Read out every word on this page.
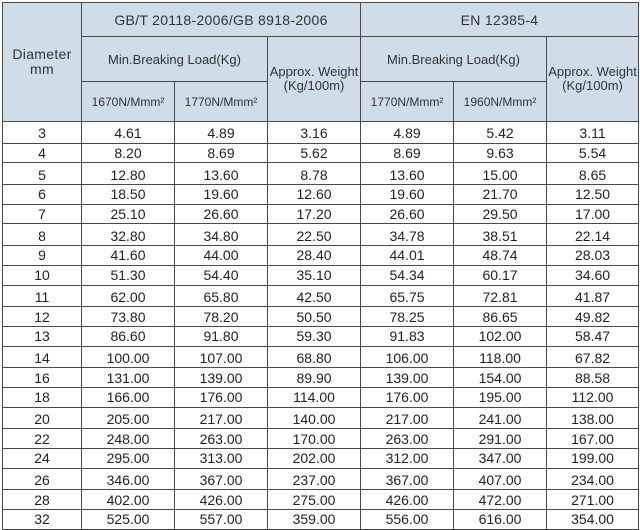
Diameter mm	GB/T 20118-2006/GB 8918-2006			EN 12385-4		
	Min.Breaking Load(Kg)		Approx. Weight (Kg/100m)	Min.Breaking Load(Kg)		Approx. Weight (Kg/100m)
	1670N/Mmm²	1770N/Mmm²		1770N/Mmm²	1960N/Mmm²	
3	4.61	4.89	3.16	4.89	5.42	3.11
4	8.20	8.69	5.62	8.69	9.63	5.54
5	12.80	13.60	8.78	13.60	15.00	8.65
6	18.50	19.60	12.60	19.60	21.70	12.50
7	25.10	26.60	17.20	26.60	29.50	17.00
8	32.80	34.80	22.50	34.78	38.51	22.14
9	41.60	44.00	28.40	44.01	48.74	28.03
10	51.30	54.40	35.10	54.34	60.17	34.60
11	62.00	65.80	42.50	65.75	72.81	41.87
12	73.80	78.20	50.50	78.25	86.65	49.82
13	86.60	91.80	59.30	91.83	102.00	58.47
14	100.00	107.00	68.80	106.00	118.00	67.82
16	131.00	139.00	89.90	139.00	154.00	88.58
18	166.00	176.00	114.00	176.00	195.00	112.00
20	205.00	217.00	140.00	217.00	241.00	138.00
22	248.00	263.00	170.00	263.00	291.00	167.00
24	295.00	313.00	202.00	312.00	347.00	199.00
26	346.00	367.00	237.00	367.00	407.00	234.00
28	402.00	426.00	275.00	426.00	472.00	271.00
32	525.00	557.00	359.00	556.00	616.00	354.00
